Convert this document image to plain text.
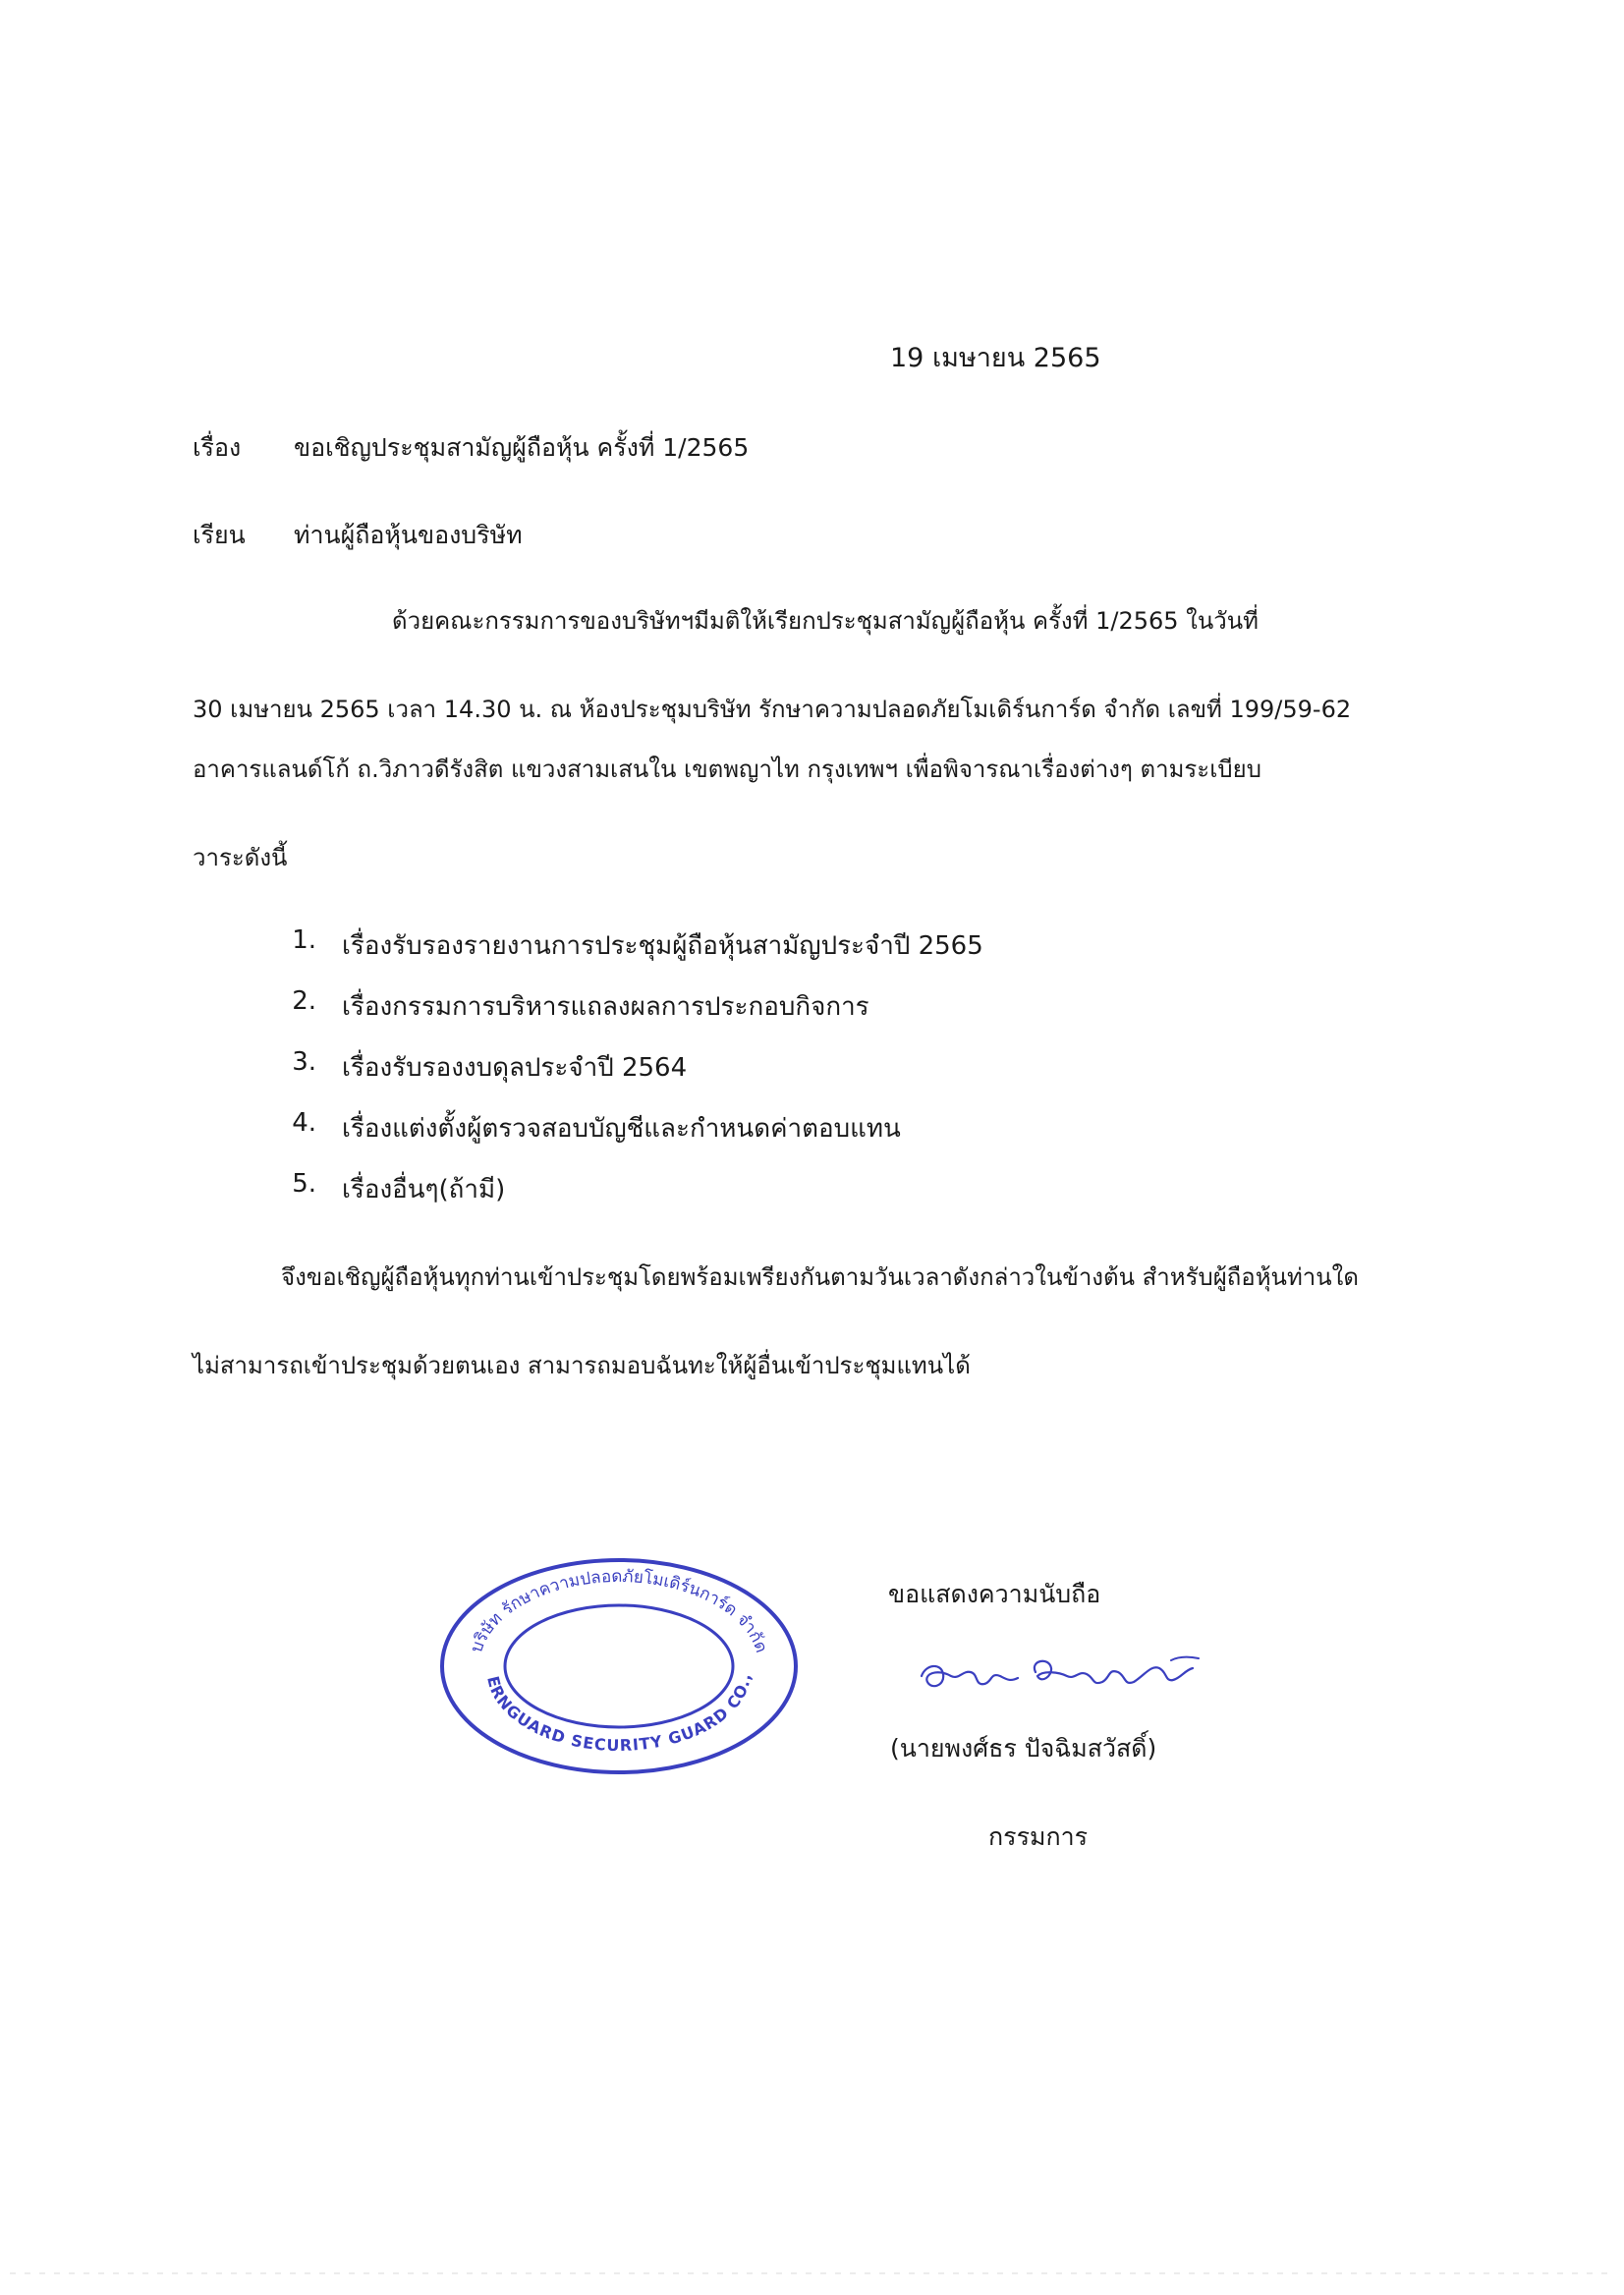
19 เมษายน 2565
เรื่อง ขอเชิญประชุมสามัญผู้ถือหุ้น ครั้งที่ 1/2565
เรียน ท่านผู้ถือหุ้นของบริษัท
ด้วยคณะกรรมการของบริษัทฯมีมติให้เรียกประชุมสามัญผู้ถือหุ้น ครั้งที่ 1/2565 ในวันที่
30 เมษายน 2565 เวลา 14.30 น. ณ ห้องประชุมบริษัท รักษาความปลอดภัยโมเดิร์นการ์ด จำกัด เลขที่ 199/59-62
อาคารแลนด์โก้ ถ.วิภาวดีรังสิต แขวงสามเสนใน เขตพญาไท กรุงเทพฯ เพื่อพิจารณาเรื่องต่างๆ ตามระเบียบ
วาระดังนี้
1. เรื่องรับรองรายงานการประชุมผู้ถือหุ้นสามัญประจำปี 2565
2. เรื่องกรรมการบริหารแถลงผลการประกอบกิจการ
3. เรื่องรับรองงบดุลประจำปี 2564
4. เรื่องแต่งตั้งผู้ตรวจสอบบัญชีและกำหนดค่าตอบแทน
5. เรื่องอื่นๆ(ถ้ามี)
จึงขอเชิญผู้ถือหุ้นทุกท่านเข้าประชุมโดยพร้อมเพรียงกันตามวันเวลาดังกล่าวในข้างต้น สำหรับผู้ถือหุ้นท่านใด
ไม่สามารถเข้าประชุมด้วยตนเอง สามารถมอบฉันทะให้ผู้อื่นเข้าประชุมแทนได้
ขอแสดงความนับถือ
บริษัท รักษาความปลอดภัยโมเดิร์นการ์ด จำกัด
ERNGUARD SECURITY GUARD CO.,
(นายพงศ์ธร ปัจฉิมสวัสดิ์)
กรรมการ
